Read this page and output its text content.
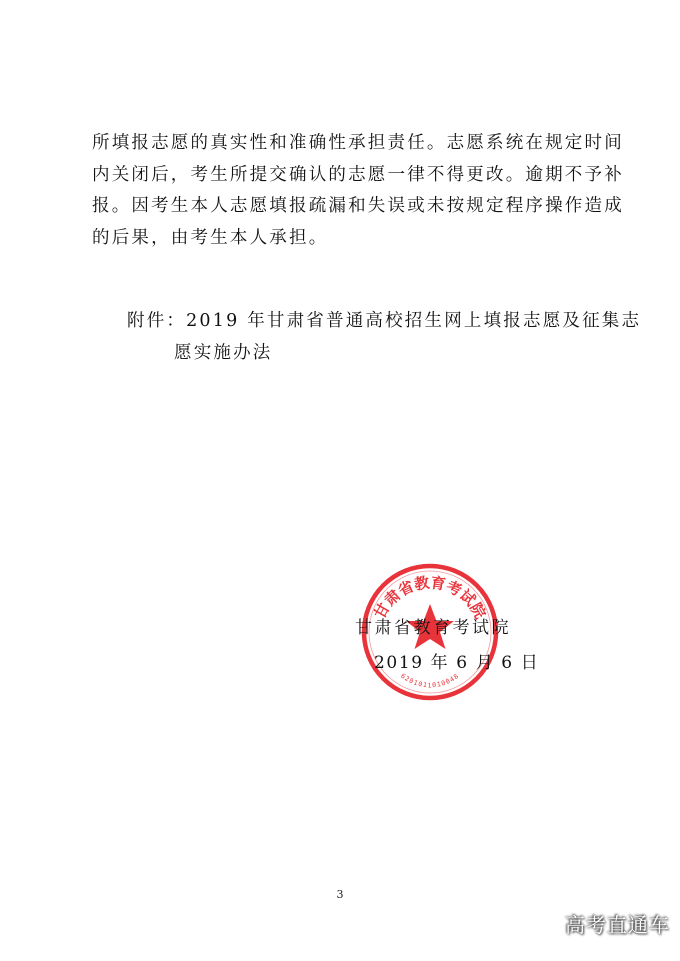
所填报志愿的真实性和准确性承担责任。志愿系统在规定时间
内关闭后，考生所提交确认的志愿一律不得更改。逾期不予补
报。因考生本人志愿填报疏漏和失误或未按规定程序操作造成
的后果，由考生本人承担。
附件：2019 年甘肃省普通高校招生网上填报志愿及征集志
愿实施办法
甘肃省教育考试院
6201011010048
甘肃省教育考试院
2019 年 6 月 6 日
3
高考直通车
